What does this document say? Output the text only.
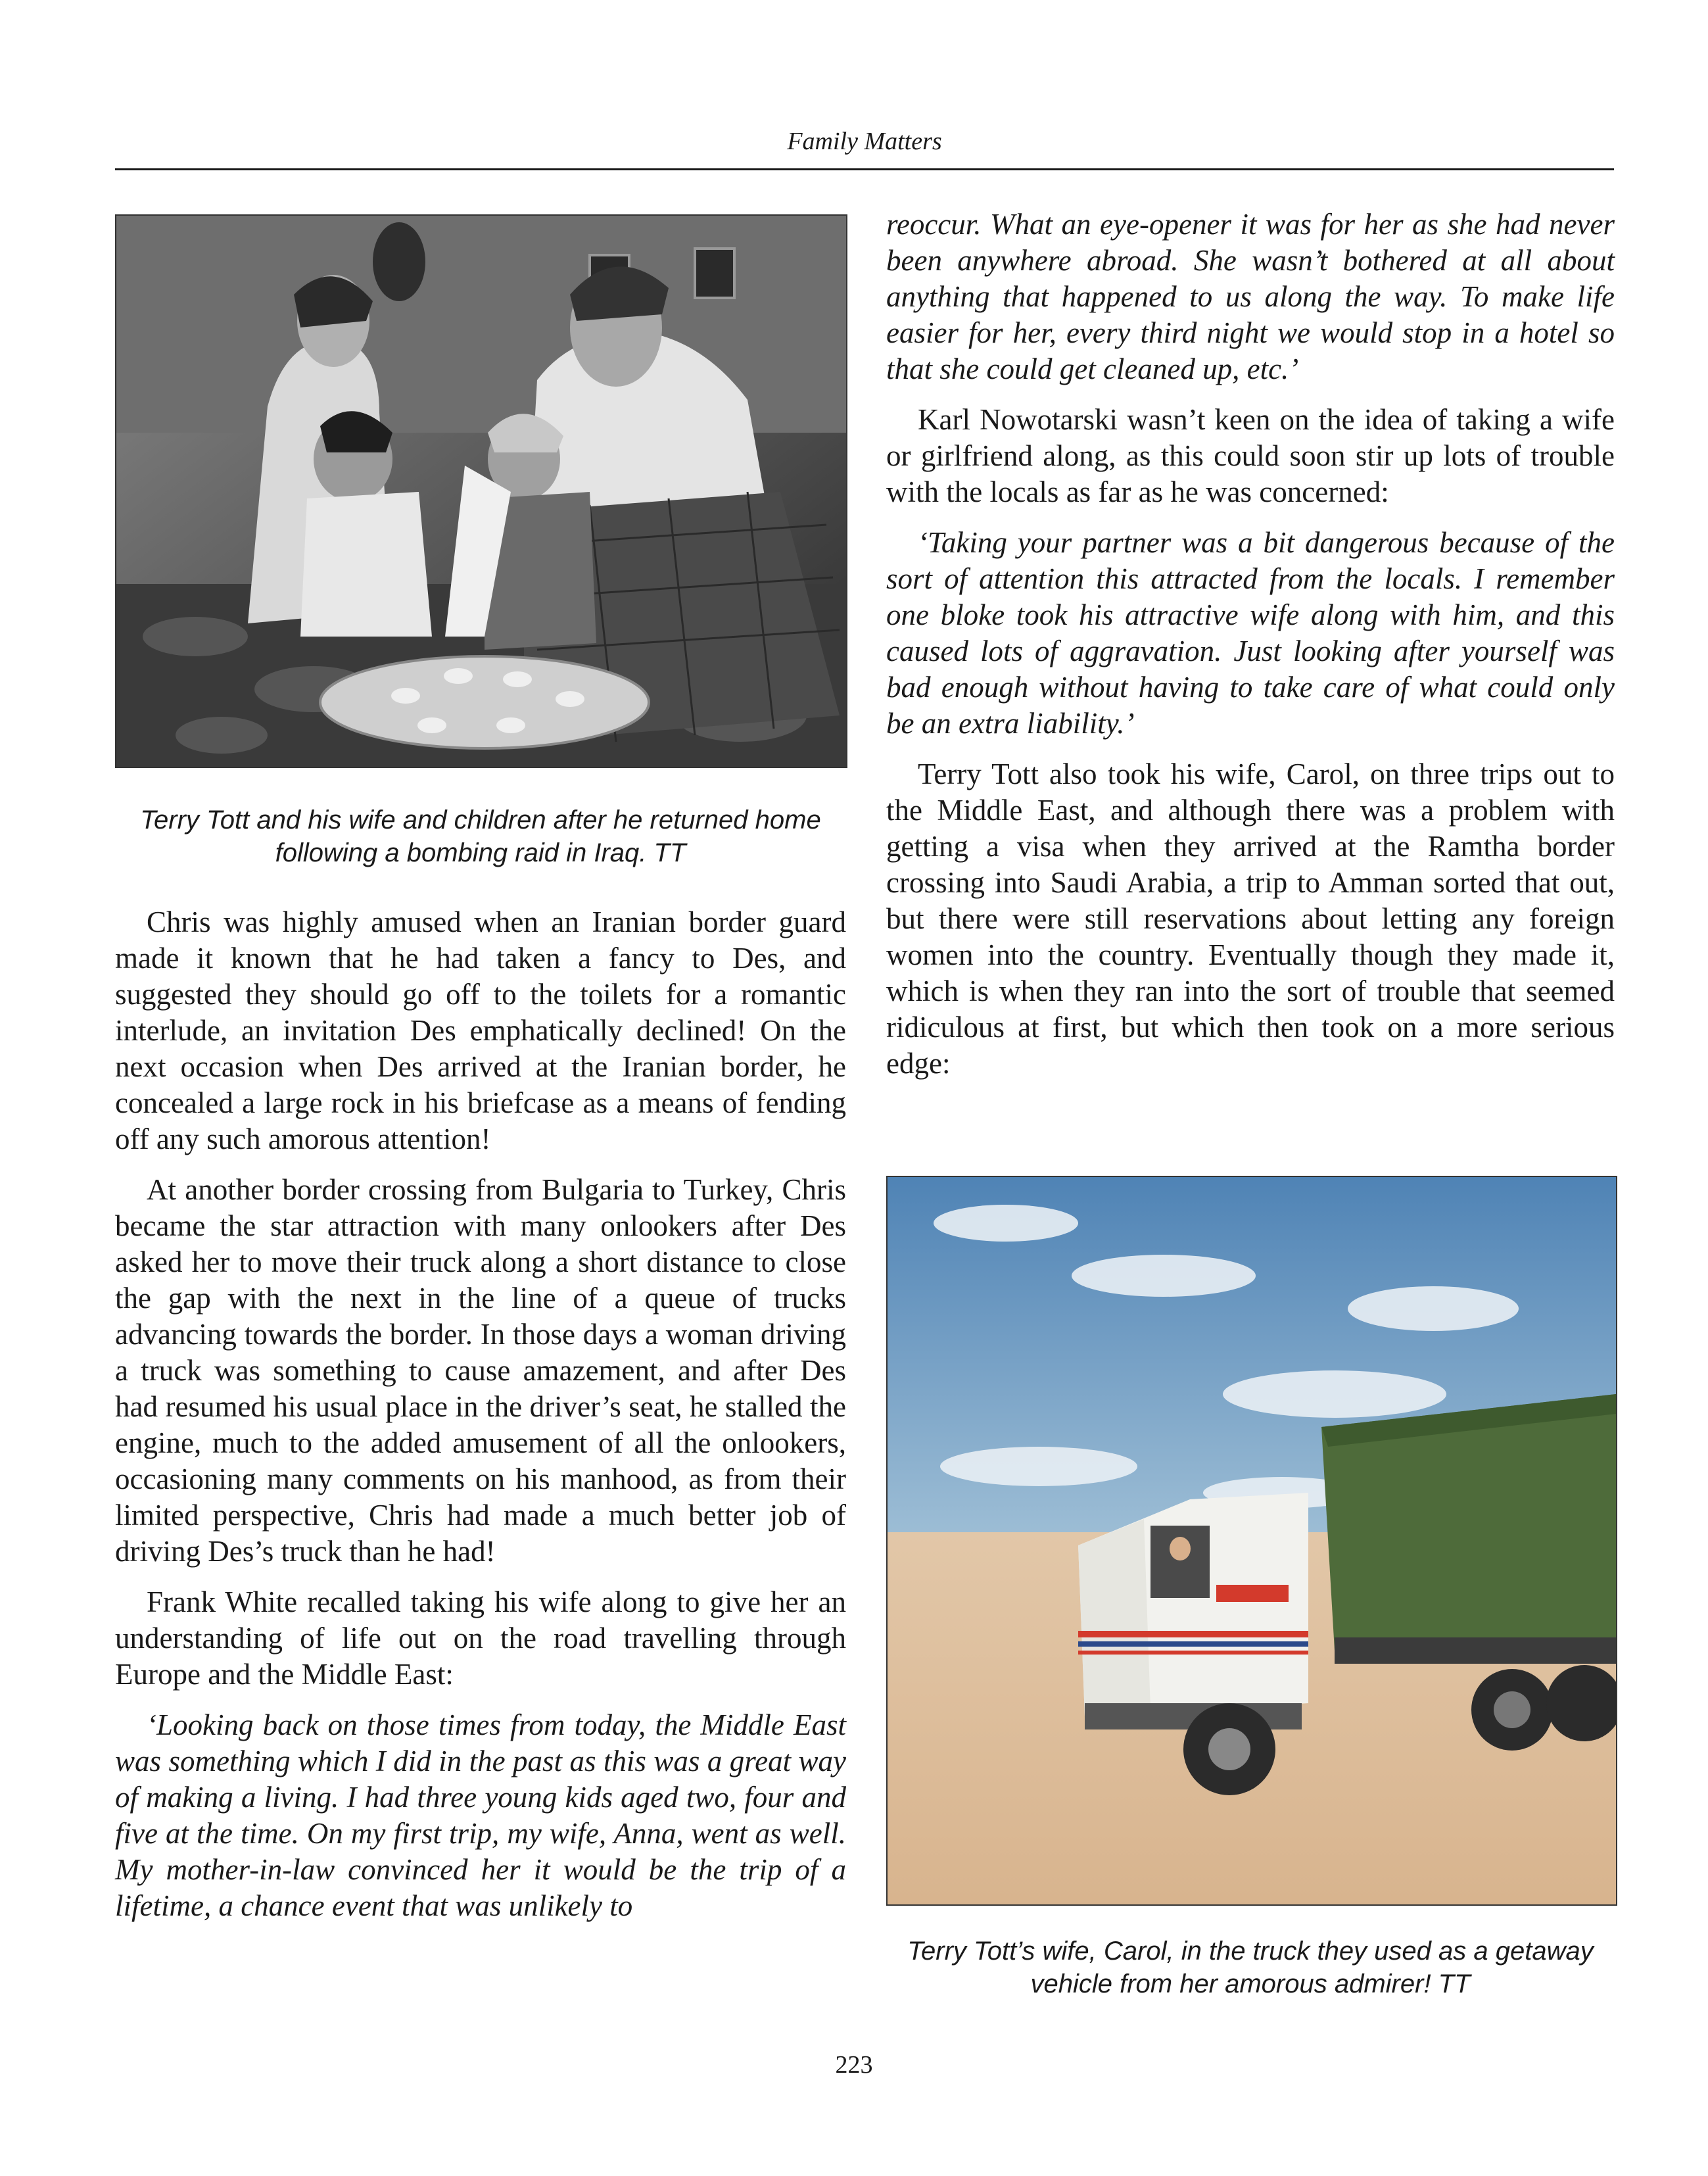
Family Matters
Terry Tott and his wife and children after he returned home following a bombing raid in Iraq. TT

Chris was highly amused when an Iranian border guard made it known that he had taken a fancy to Des, and suggested they should go off to the toilets for a romantic interlude, an invitation Des emphatically declined! On the next occasion when Des arrived at the Iranian border, he concealed a large rock in his briefcase as a means of fending off any such amorous attention!

At another border crossing from Bulgaria to Turkey, Chris became the star attraction with many onlookers after Des asked her to move their truck along a short distance to close the gap with the next in the line of a queue of trucks advancing towards the border. In those days a woman driving a truck was something to cause amazement, and after Des had resumed his usual place in the driver’s seat, he stalled the engine, much to the added amusement of all the onlookers, occasioning many comments on his manhood, as from their limited perspective, Chris had made a much better job of driving Des’s truck than he had!

Frank White recalled taking his wife along to give her an understanding of life out on the road travelling through Europe and the Middle East:

‘Looking back on those times from today, the Middle East was something which I did in the past as this was a great way of making a living. I had three young kids aged two, four and five at the time. On my first trip, my wife, Anna, went as well. My mother-in-law convinced her it would be the trip of a lifetime, a chance event that was unlikely to

reoccur. What an eye-opener it was for her as she had never been anywhere abroad. She wasn’t bothered at all about anything that happened to us along the way. To make life easier for her, every third night we would stop in a hotel so that she could get cleaned up, etc.’

Karl Nowotarski wasn’t keen on the idea of taking a wife or girlfriend along, as this could soon stir up lots of trouble with the locals as far as he was concerned:

‘Taking your partner was a bit dangerous because of the sort of attention this attracted from the locals. I remember one bloke took his attractive wife along with him, and this caused lots of aggravation. Just looking after yourself was bad enough without having to take care of what could only be an extra liability.’

Terry Tott also took his wife, Carol, on three trips out to the Middle East, and although there was a problem with getting a visa when they arrived at the Ramtha border crossing into Saudi Arabia, a trip to Amman sorted that out, but there were still reservations about letting any foreign women into the country. Eventually though they made it, which is when they ran into the sort of trouble that seemed ridiculous at first, but which then took on a more serious edge:

Terry Tott’s wife, Carol, in the truck they used as a getaway vehicle from her amorous admirer! TT
223
